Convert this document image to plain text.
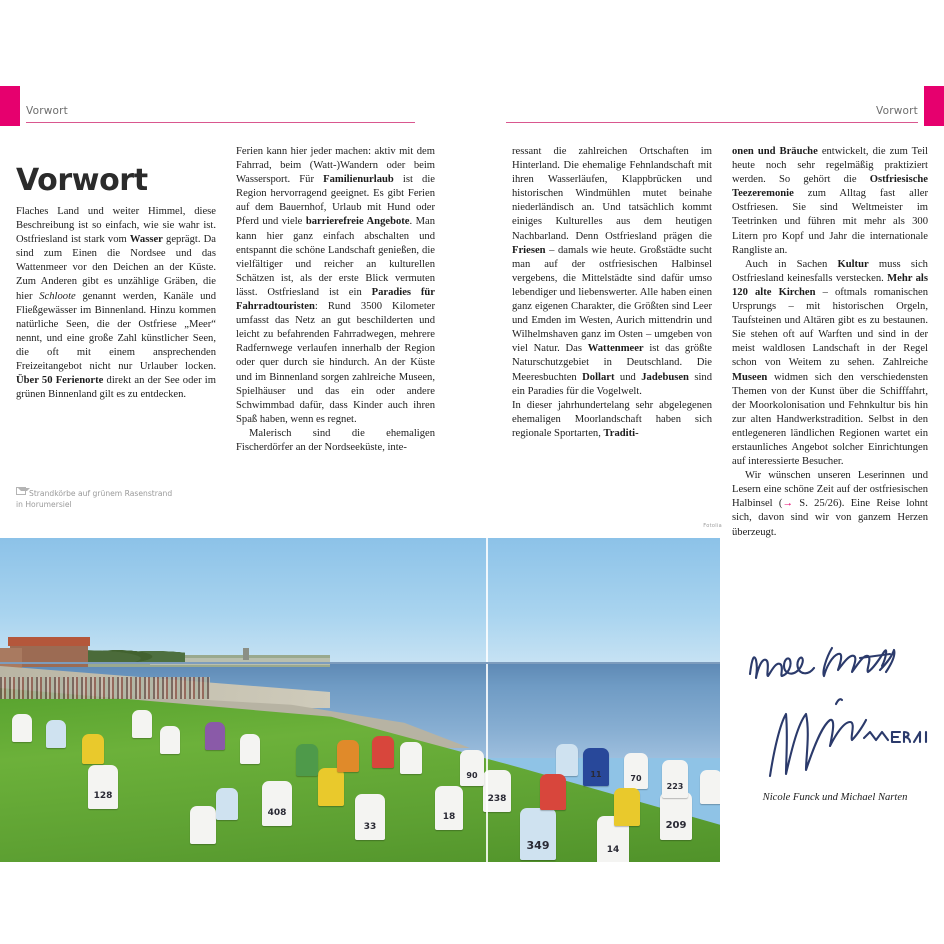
Vorwort	Vorwort
Vorwort

Flaches Land und weiter Himmel, diese Beschreibung ist so einfach, wie sie wahr ist. Ostfriesland ist stark vom Wasser geprägt. Da sind zum Einen die Nordsee und das Wattenmeer vor den Deichen an der Küste. Zum Anderen gibt es unzählige Gräben, die hier Schloote genannt werden, Kanäle und Fließgewässer im Binnenland. Hinzu kommen natürliche Seen, die der Ostfriese „Meer“ nennt, und eine große Zahl künstlicher Seen, die oft mit einem ansprechenden Freizeitangebot nicht nur Urlauber locken. Über 50 Ferienorte direkt an der See oder im grünen Binnenland gilt es zu entdecken.

Strandkörbe auf grünem Rasenstrand
in Horumersiel

Ferien kann hier jeder machen: aktiv mit dem Fahrrad, beim (Watt-)Wandern oder beim Wassersport. Für Familienurlaub ist die Region hervorragend geeignet. Es gibt Ferien auf dem Bauernhof, Urlaub mit Hund oder Pferd und viele barrierefreie Angebote. Man kann hier ganz einfach abschalten und entspannt die schöne Landschaft genießen, die vielfältiger und reicher an kulturellen Schätzen ist, als der erste Blick vermuten lässt. Ostfriesland ist ein Paradies für Fahrradtouristen: Rund 3500 Kilometer umfasst das Netz an gut beschilderten und leicht zu befahrenden Fahrradwegen, mehrere Radfernwege verlaufen innerhalb der Region oder quer durch sie hindurch. An der Küste und im Binnenland sorgen zahlreiche Museen, Spielhäuser und das ein oder andere Schwimmbad dafür, dass Kinder auch ihren Spaß haben, wenn es regnet.

Malerisch sind die ehemaligen Fischerdörfer an der Nordseeküste, inte-

ressant die zahlreichen Ortschaften im Hinterland. Die ehemalige Fehnlandschaft mit ihren Wasserläufen, Klappbrücken und historischen Windmühlen mutet beinahe niederländisch an. Und tatsächlich kommt einiges Kulturelles aus dem heutigen Nachbarland. Denn Ostfriesland prägen die Friesen – damals wie heute. Großstädte sucht man auf der ostfriesischen Halbinsel vergebens, die Mittelstädte sind dafür umso lebendiger und liebenswerter. Alle haben einen ganz eigenen Charakter, die Größten sind Leer und Emden im Westen, Aurich mittendrin und Wilhelmshaven ganz im Osten – umgeben von viel Natur. Das Wattenmeer ist das größte Naturschutzgebiet in Deutschland. Die Meeresbuchten Dollart und Jadebusen sind ein Paradies für die Vogelwelt.

In dieser jahrhundertelang sehr abgelegenen ehemaligen Moorlandschaft haben sich regionale Sportarten, Traditi-

onen und Bräuche entwickelt, die zum Teil heute noch sehr regelmäßig praktiziert werden. So gehört die Ostfriesische Teezeremonie zum Alltag fast aller Ostfriesen. Sie sind Weltmeister im Teetrinken und führen mit mehr als 300 Litern pro Kopf und Jahr die internationale Rangliste an.

Auch in Sachen Kultur muss sich Ostfriesland keinesfalls verstecken. Mehr als 120 alte Kirchen – oftmals romanischen Ursprungs – mit historischen Orgeln, Taufsteinen und Altären gibt es zu bestaunen. Sie stehen oft auf Warften und sind in der meist waldlosen Landschaft in der Regel schon von Weitem zu sehen. Zahlreiche Museen widmen sich den verschiedensten Themen von der Kunst über die Schifffahrt, der Moorkolonisation und Fehnkultur bis hin zur alten Handwerkstradition. Selbst in den entlegeneren ländlichen Regionen wartet ein erstaunliches Angebot solcher Einrichtungen auf interessierte Besucher.

Wir wünschen unseren Leserinnen und Lesern eine schöne Zeit auf der ostfriesischen Halbinsel (→ S. 25/26). Eine Reise lohnt sich, davon sind wir von ganzem Herzen überzeugt.

Fotolia
128
408
33
18
238
349	14
209
223
11	70
90
Nicole Funck und Michael Narten
